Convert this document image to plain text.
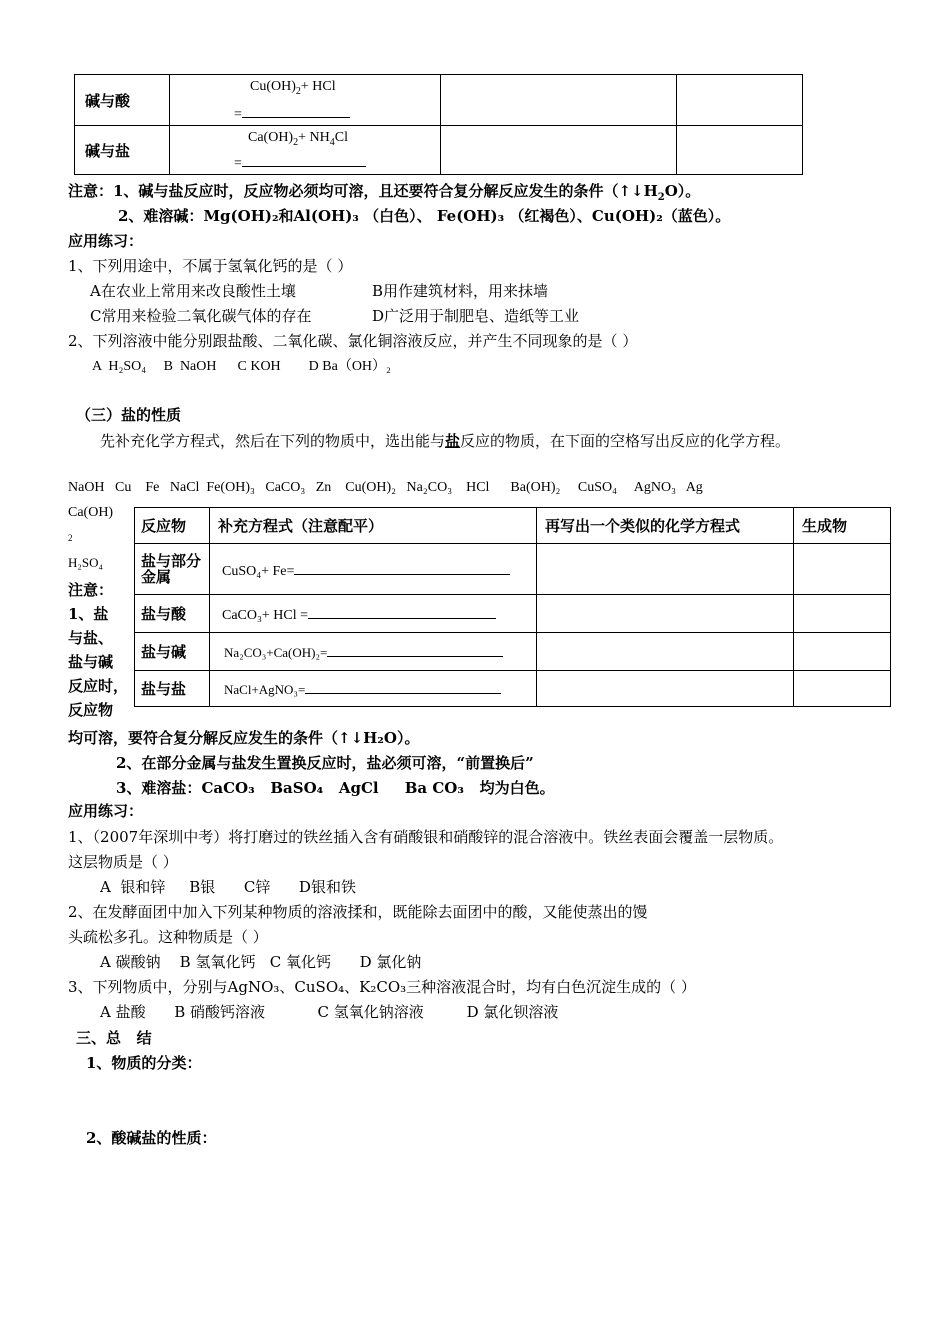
碱与酸	$Cu(OH)_2+$ HCl
=		

碱与盐	$Ca(OH)_2+ NH_4Cl$
=		

注意：1、碱与盐反应时，反应物必须均可溶，且还要符合复分解反应发生的条件$(↑↓H_2O)$。
2、难溶碱：Mg(OH)₂和Al(OH)₃ （白色）、 Fe(OH)₃ （红褐色）、Cu(OH)₂（蓝色）。
应用练习：
1、下列用途中，不属于氢氧化钙的是（ ）
A在农业上常用来改良酸性土壤	B用作建筑材料，用来抹墙
C常用来检验二氧化碳气体的存在	D广泛用于制肥皂、造纸等工业
2、下列溶液中能分别跟盐酸、二氧化碳、氯化铜溶液反应，并产生不同现象的是（ ）
A  H₂SO₄     B  NaOH      C KOH        D Ba（OH）₂
（三）盐的性质
先补充化学方程式，然后在下列的物质中，选出能与盐反应的物质，在下面的空格写出反应的化学方程。
NaOH   Cu    Fe   NaCl  Fe(OH)₃   CaCO₃   Zn    Cu(OH)₂   Na₂CO₃    HCl      Ba(OH)₂     CuSO₄     AgNO₃   Ag
Ca(OH)
2
H₂SO₄
注意：
1、盐
与盐、
盐与碱
反应时，
反应物
反应物	补充方程式（注意配平）	再写出一个类似的化学方程式	生成物
盐与部分金属	CuSO₄+ Fe=		
盐与酸	CaCO₃+ HCl =		
盐与碱	Na₂CO₃+Ca(OH)₂=		
盐与盐	NaCl+AgNO₃=		
均可溶，要符合复分解反应发生的条件（↑↓H₂O）。
2、在部分金属与盐发生置换反应时，盐必须可溶，“前置换后”
3、难溶盐：CaCO₃   BaSO₄   AgCl     Ba CO₃   均为白色。
应用练习：
1、（2007年深圳中考）将打磨过的铁丝插入含有硝酸银和硝酸锌的混合溶液中。铁丝表面会覆盖一层物质。
这层物质是（ ）
A  银和锌     B银      C锌      D银和铁
2、在发酵面团中加入下列某种物质的溶液揉和，既能除去面团中的酸，又能使蒸出的馒
头疏松多孔。这种物质是（ ）
A 碳酸钠    B 氢氧化钙   C 氧化钙      D 氯化钠
3、下列物质中，分别与AgNO₃、CuSO₄、K₂CO₃三种溶液混合时，均有白色沉淀生成的（ ）
A 盐酸      B 硝酸钙溶液           C 氢氧化钠溶液         D 氯化钡溶液
三、总   结
1、物质的分类：
2、酸碱盐的性质：
